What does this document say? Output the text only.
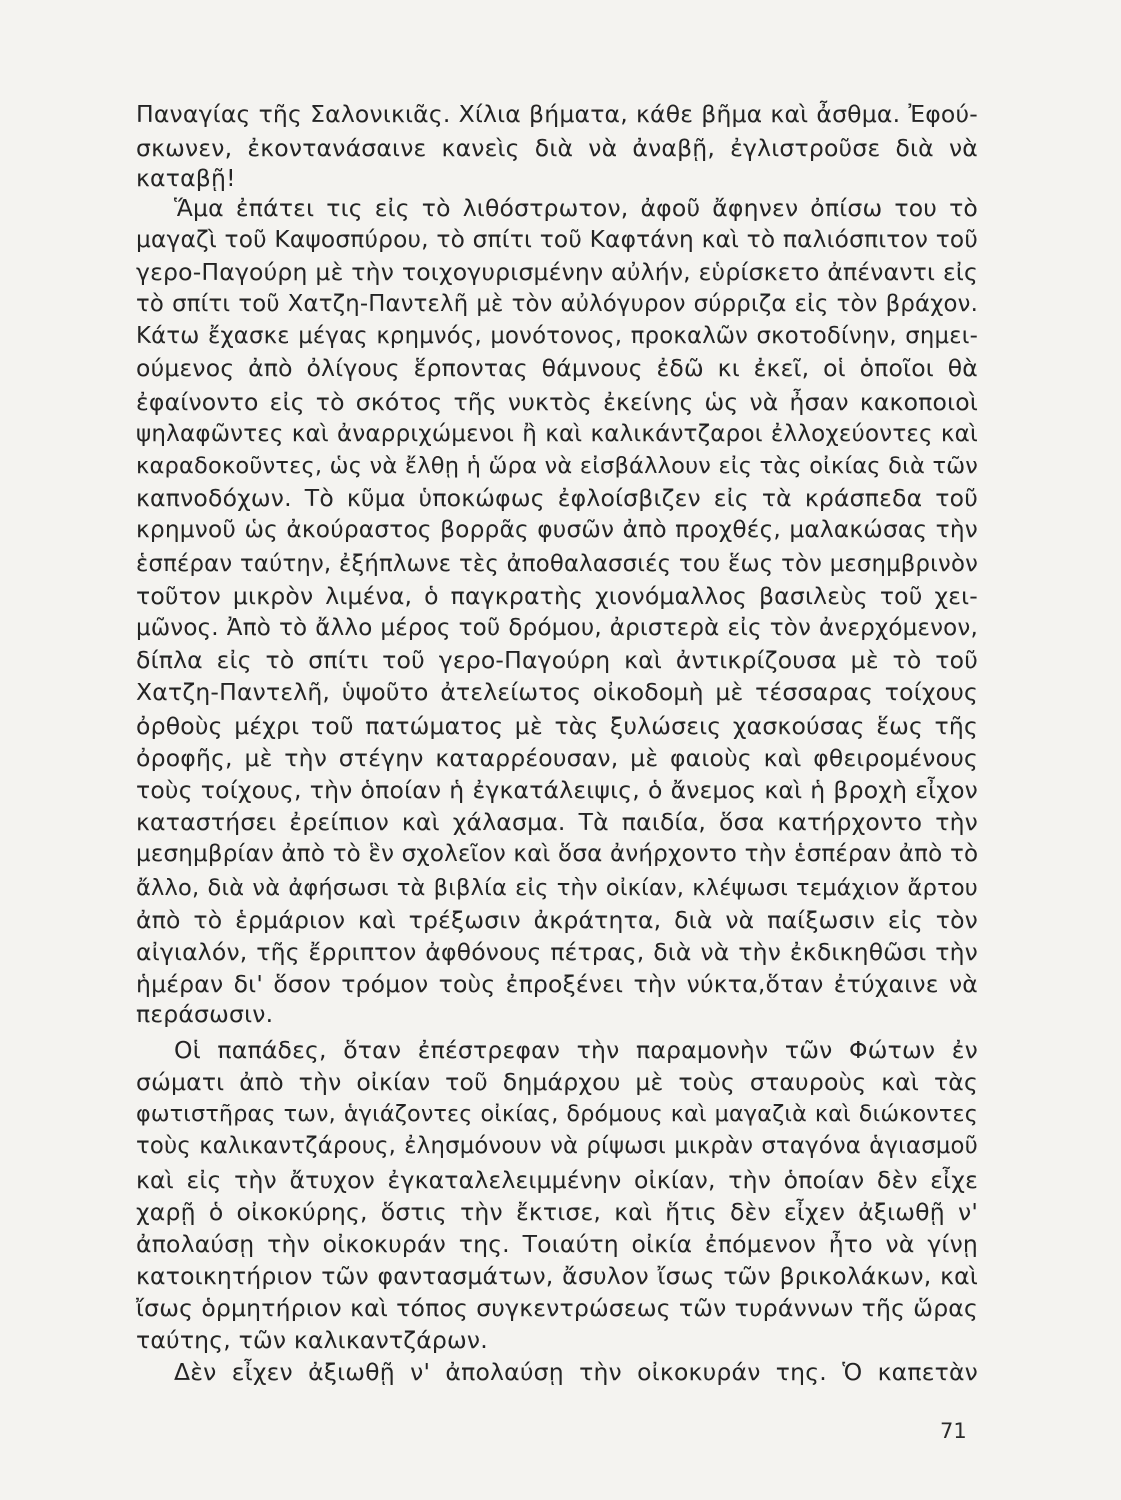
Παναγίας τῆς Σαλονικιᾶς. Χίλια βήματα, κάθε βῆμα καὶ ἆσθμα. Ἐφού-
σκωνεν, ἐκοντανάσαινε κανεὶς διὰ νὰ ἀναβῇ, ἐγλιστροῦσε διὰ νὰ
καταβῇ!
Ἅμα ἐπάτει τις εἰς τὸ λιθόστρωτον, ἀφοῦ ἄφηνεν ὀπίσω του τὸ
μαγαζὶ τοῦ Καψοσπύρου, τὸ σπίτι τοῦ Καφτάνη καὶ τὸ παλιόσπιτον τοῦ
γερο-Παγούρη μὲ τὴν τοιχογυρισμένην αὐλήν, εὑρίσκετο ἀπέναντι εἰς
τὸ σπίτι τοῦ Χατζη-Παντελῆ μὲ τὸν αὐλόγυρον σύρριζα εἰς τὸν βράχον.
Κάτω ἔχασκε μέγας κρημνός, μονότονος, προκαλῶν σκοτοδίνην, σημει-
ούμενος ἀπὸ ὀλίγους ἕρποντας θάμνους ἐδῶ κι ἐκεῖ, οἱ ὁποῖοι θὰ
ἐφαίνοντο εἰς τὸ σκότος τῆς νυκτὸς ἐκείνης ὡς νὰ ἦσαν κακοποιοὶ
ψηλαφῶντες καὶ ἀναρριχώμενοι ἢ καὶ καλικάντζαροι ἐλλοχεύοντες καὶ
καραδοκοῦντες, ὡς νὰ ἔλθῃ ἡ ὥρα νὰ εἰσβάλλουν εἰς τὰς οἰκίας διὰ τῶν
καπνοδόχων. Τὸ κῦμα ὑποκώφως ἐφλοίσβιζεν εἰς τὰ κράσπεδα τοῦ
κρημνοῦ ὡς ἀκούραστος βορρᾶς φυσῶν ἀπὸ προχθές, μαλακώσας τὴν
ἑσπέραν ταύτην, ἐξήπλωνε τὲς ἀποθαλασσιές του ἕως τὸν μεσημβρινὸν
τοῦτον μικρὸν λιμένα, ὁ παγκρατὴς χιονόμαλλος βασιλεὺς τοῦ χει-
μῶνος. Ἀπὸ τὸ ἄλλο μέρος τοῦ δρόμου, ἀριστερὰ εἰς τὸν ἀνερχόμενον,
δίπλα εἰς τὸ σπίτι τοῦ γερο-Παγούρη καὶ ἀντικρίζουσα μὲ τὸ τοῦ
Χατζη-Παντελῆ, ὑψοῦτο ἀτελείωτος οἰκοδομὴ μὲ τέσσαρας τοίχους
ὀρθοὺς μέχρι τοῦ πατώματος μὲ τὰς ξυλώσεις χασκούσας ἕως τῆς
ὀροφῆς, μὲ τὴν στέγην καταρρέουσαν, μὲ φαιοὺς καὶ φθειρομένους
τοὺς τοίχους, τὴν ὁποίαν ἡ ἐγκατάλειψις, ὁ ἄνεμος καὶ ἡ βροχὴ εἶχον
καταστήσει ἐρείπιον καὶ χάλασμα. Τὰ παιδία, ὅσα κατήρχοντο τὴν
μεσημβρίαν ἀπὸ τὸ ἓν σχολεῖον καὶ ὅσα ἀνήρχοντο τὴν ἑσπέραν ἀπὸ τὸ
ἄλλο, διὰ νὰ ἀφήσωσι τὰ βιβλία εἰς τὴν οἰκίαν, κλέψωσι τεμάχιον ἄρτου
ἀπὸ τὸ ἑρμάριον καὶ τρέξωσιν ἀκράτητα, διὰ νὰ παίξωσιν εἰς τὸν
αἰγιαλόν, τῆς ἔρριπτον ἀφθόνους πέτρας, διὰ νὰ τὴν ἐκδικηθῶσι τὴν
ἡμέραν δι' ὅσον τρόμον τοὺς ἐπροξένει τὴν νύκτα,ὅταν ἐτύχαινε νὰ
περάσωσιν.
Οἱ παπάδες, ὅταν ἐπέστρεφαν τὴν παραμονὴν τῶν Φώτων ἐν
σώματι ἀπὸ τὴν οἰκίαν τοῦ δημάρχου μὲ τοὺς σταυροὺς καὶ τὰς
φωτιστῆρας των, ἁγιάζοντες οἰκίας, δρόμους καὶ μαγαζιὰ καὶ διώκοντες
τοὺς καλικαντζάρους, ἐλησμόνουν νὰ ρίψωσι μικρὰν σταγόνα ἁγιασμοῦ
καὶ εἰς τὴν ἄτυχον ἐγκαταλελειμμένην οἰκίαν, τὴν ὁποίαν δὲν εἶχε
χαρῇ ὁ οἰκοκύρης, ὅστις τὴν ἔκτισε, καὶ ἥτις δὲν εἶχεν ἀξιωθῇ ν'
ἀπολαύσῃ τὴν οἰκοκυράν της. Τοιαύτη οἰκία ἐπόμενον ἦτο νὰ γίνῃ
κατοικητήριον τῶν φαντασμάτων, ἄσυλον ἴσως τῶν βρικολάκων, καὶ
ἴσως ὁρμητήριον καὶ τόπος συγκεντρώσεως τῶν τυράννων τῆς ὥρας
ταύτης, τῶν καλικαντζάρων.
Δὲν εἶχεν ἀξιωθῇ ν' ἀπολαύσῃ τὴν οἰκοκυράν της. Ὁ καπετὰν
71
